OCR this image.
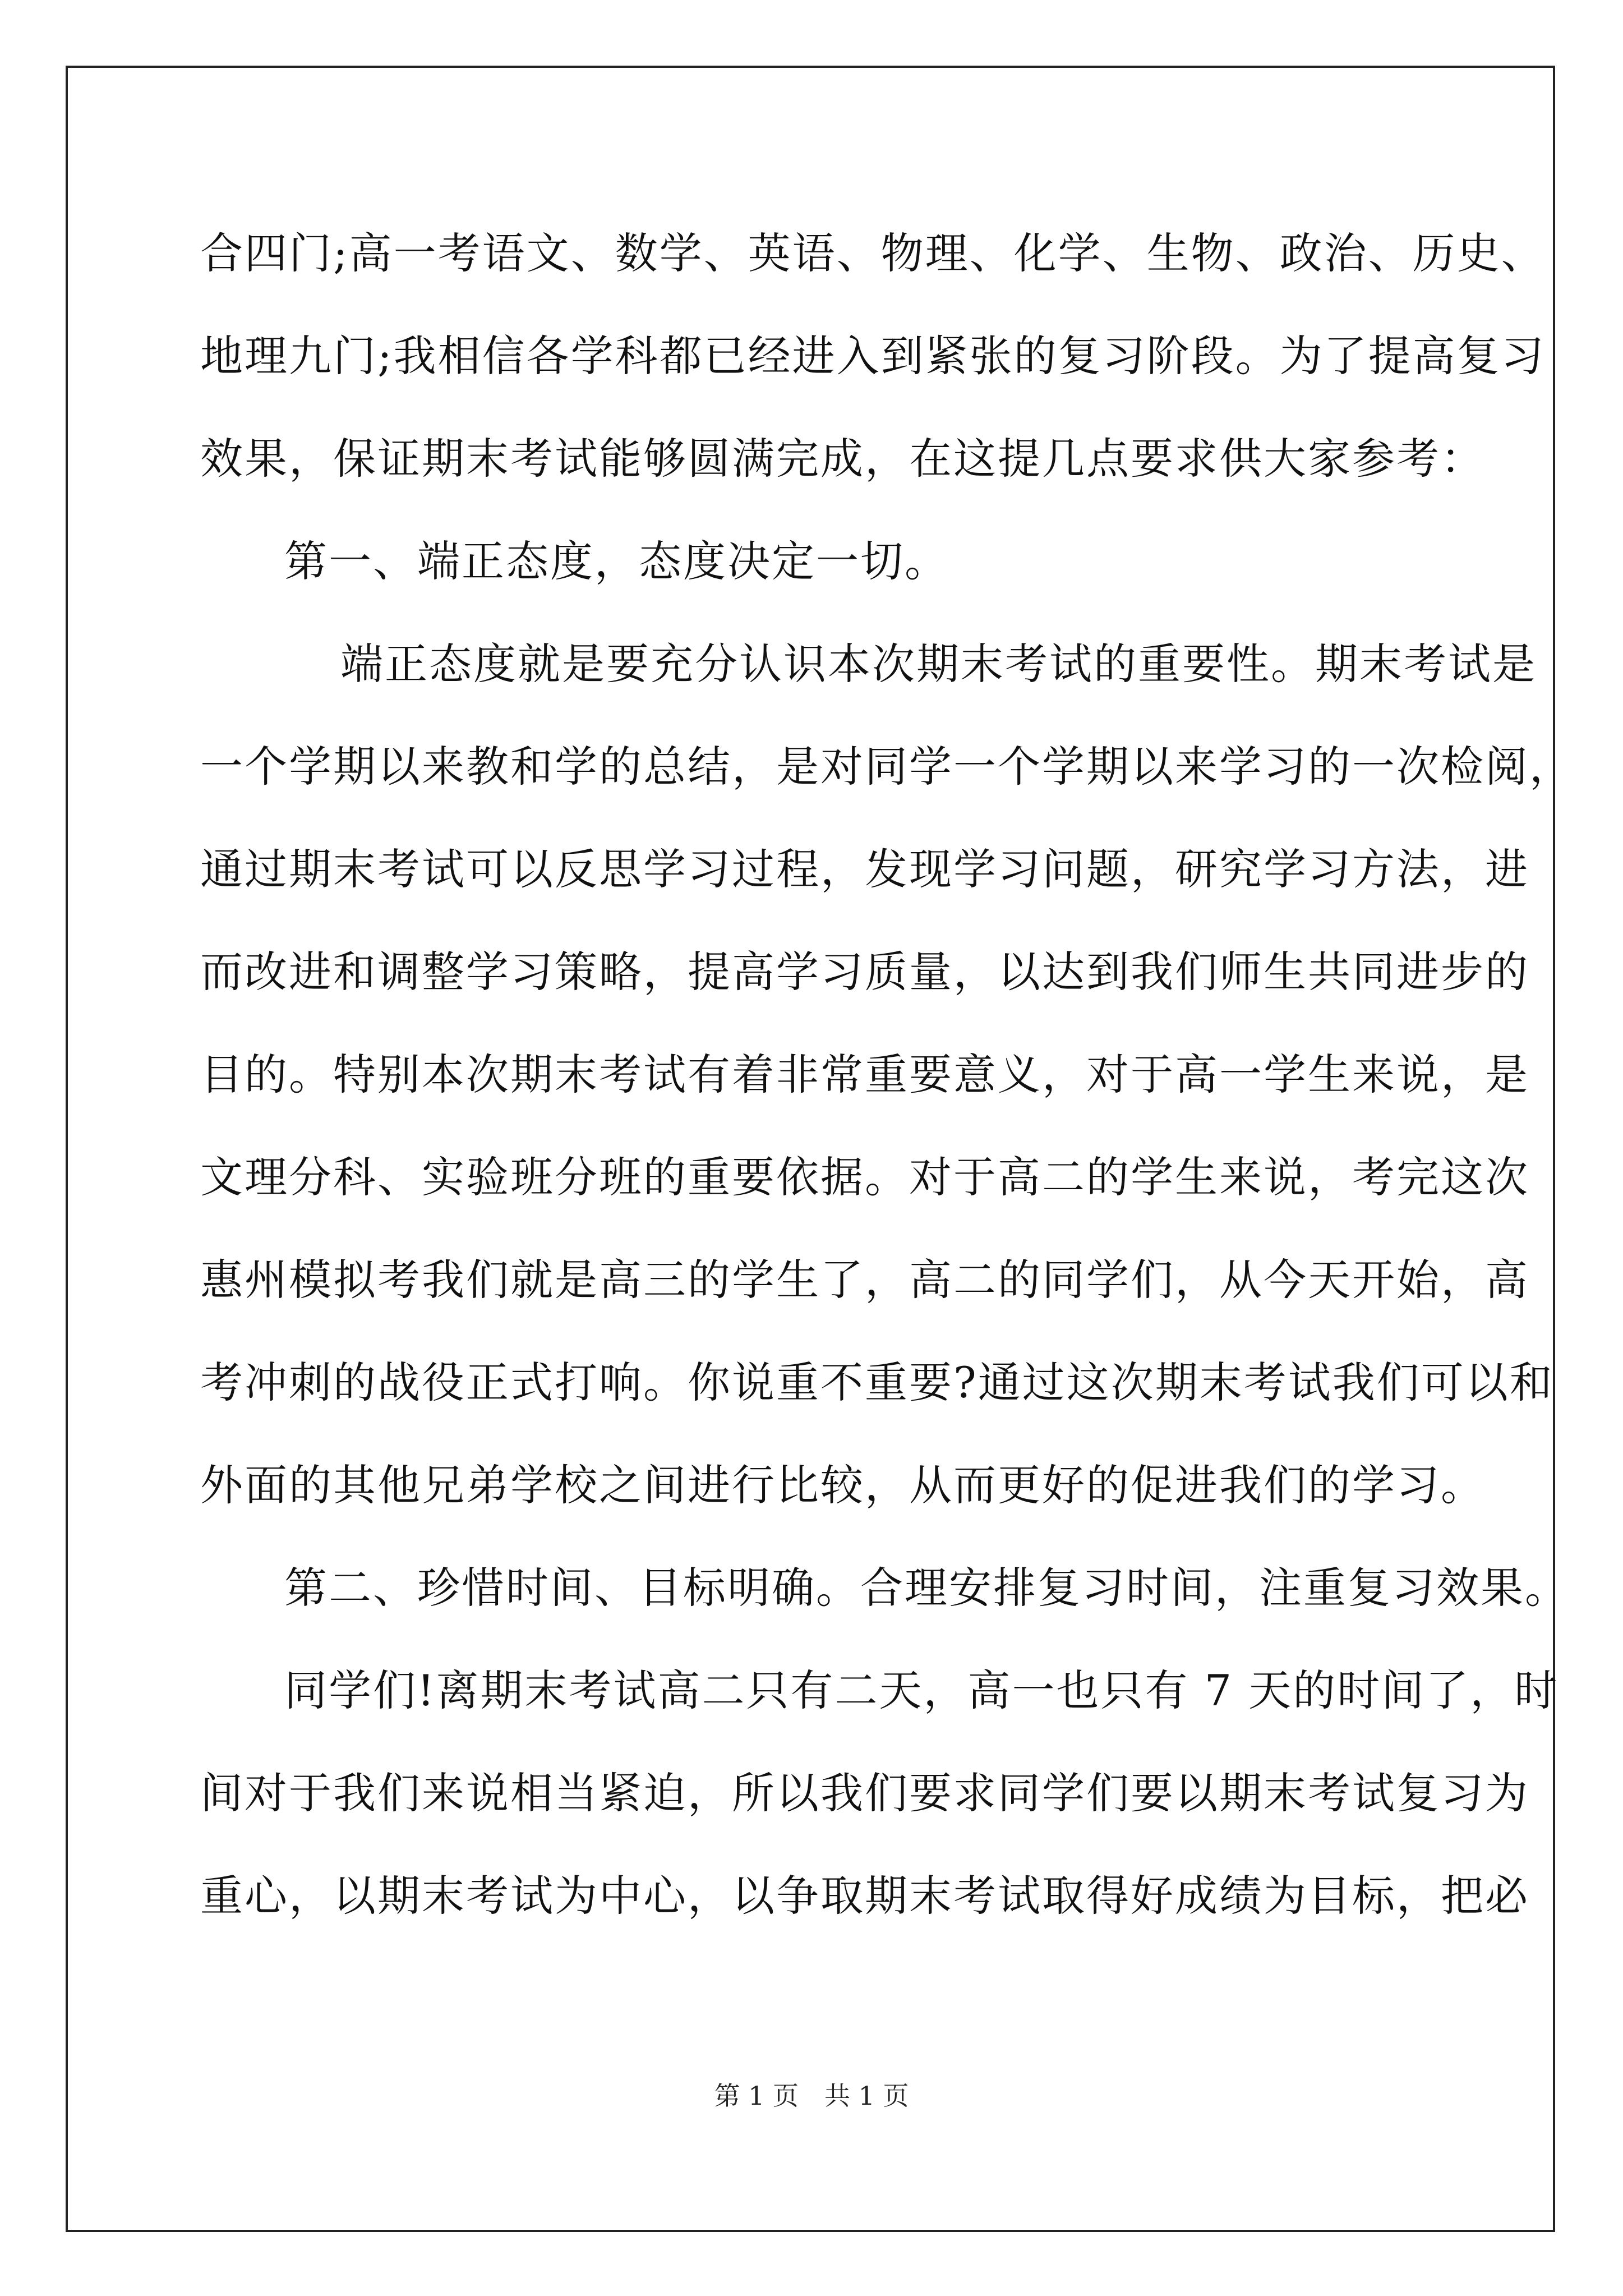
合四门;高一考语文、数学、英语、物理、化学、生物、政治、历史、
地理九门;我相信各学科都已经进入到紧张的复习阶段。为了提高复习
效果，保证期末考试能够圆满完成，在这提几点要求供大家参考：
第一、端正态度，态度决定一切。
端正态度就是要充分认识本次期末考试的重要性。期末考试是
一个学期以来教和学的总结，是对同学一个学期以来学习的一次检阅，
通过期末考试可以反思学习过程，发现学习问题，研究学习方法，进
而改进和调整学习策略，提高学习质量，以达到我们师生共同进步的
目的。特别本次期末考试有着非常重要意义，对于高一学生来说，是
文理分科、实验班分班的重要依据。对于高二的学生来说，考完这次
惠州模拟考我们就是高三的学生了，高二的同学们，从今天开始，高
考冲刺的战役正式打响。你说重不重要?通过这次期末考试我们可以和
外面的其他兄弟学校之间进行比较，从而更好的促进我们的学习。
第二、珍惜时间、目标明确。合理安排复习时间，注重复习效果。
同学们!离期末考试高二只有二天，高一也只有 7 天的时间了，时
间对于我们来说相当紧迫，所以我们要求同学们要以期末考试复习为
重心，以期末考试为中心，以争取期末考试取得好成绩为目标，把必
第 1 页　共 1 页
